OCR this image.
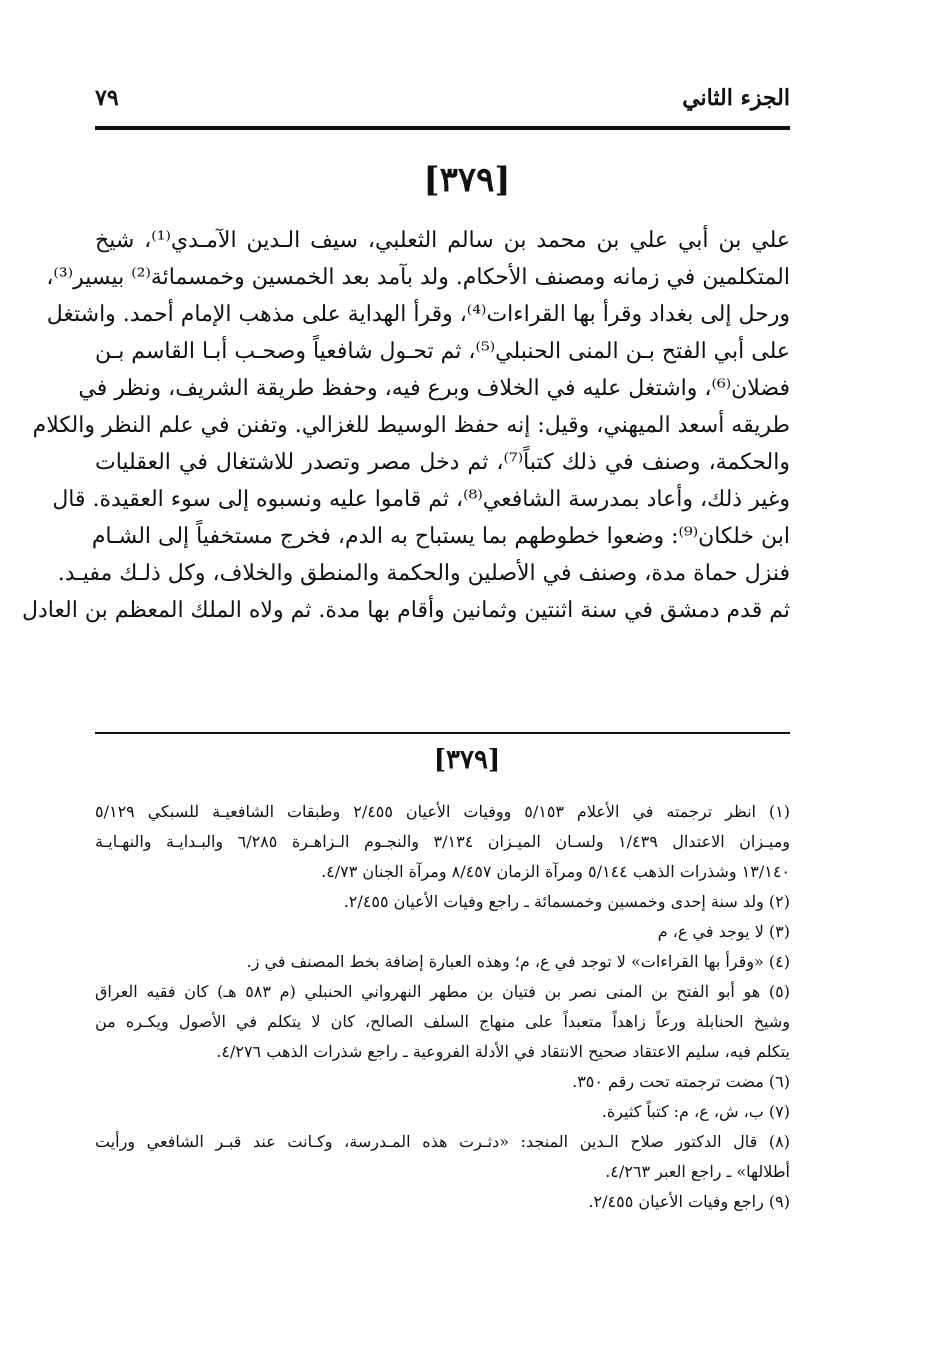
الجزء الثاني
٧٩
[٣٧٩]
علي بن أبي علي بن محمد بن سالم الثعلبي، سيف الـدين الآمـدي⁽¹⁾، شيخ
المتكلمين في زمانه ومصنف الأحكام. ولد بآمد بعد الخمسين وخمسمائة⁽²⁾ بيسير⁽³⁾،
ورحل إلى بغداد وقرأ بها القراءات⁽⁴⁾، وقرأ الهداية على مذهب الإمام أحمد. واشتغل
على أبي الفتح بـن المنى الحنبلي⁽⁵⁾، ثم تحـول شافعياً وصحـب أبـا القاسم بـن
فضلان⁽⁶⁾، واشتغل عليه في الخلاف وبرع فيه، وحفظ طريقة الشريف، ونظر في
طريقه أسعد الميهني، وقيل: إنه حفظ الوسيط للغزالي. وتفنن في علم النظر والكلام
والحكمة، وصنف في ذلك كتباً⁽⁷⁾، ثم دخل مصر وتصدر للاشتغال في العقليات
وغير ذلك، وأعاد بمدرسة الشافعي⁽⁸⁾، ثم قاموا عليه ونسبوه إلى سوء العقيدة. قال
ابن خلكان⁽⁹⁾: وضعوا خطوطهم بما يستباح به الدم، فخرج مستخفياً إلى الشـام
فنزل حماة مدة، وصنف في الأصلين والحكمة والمنطق والخلاف، وكل ذلـك مفيـد.
ثم قدم دمشق في سنة اثنتين وثمانين وأقام بها مدة. ثم ولاه الملك المعظم بن العادل
[٣٧٩]
(١) انظر ترجمته في الأعلام ٥/١٥٣ ووفيات الأعيان ٢/٤٥٥ وطبقات الشافعيـة للسبكي ٥/١٢٩
وميـزان الاعتدال ١/٤٣٩ ولسـان الميـزان ٣/١٣٤ والنجـوم الـزاهـرة ٦/٢٨٥ والبـدايـة والنهـايـة
١٣/١٤٠ وشذرات الذهب ٥/١٤٤ ومرآة الزمان ٨/٤٥٧ ومرآة الجنان ٤/٧٣.
(٢) ولد سنة إحدى وخمسين وخمسمائة ـ راجع وفيات الأعيان ٢/٤٥٥.
(٣) لا يوجد في ع، م
(٤) «وقرأ بها القراءات» لا توجد في ع، م؛ وهذه العبارة إضافة بخط المصنف في ز.
(٥) هو أبو الفتح بن المنى نصر بن فتيان بن مطهر النهرواني الحنبلي (م ٥٨٣ هـ) كان فقيه العراق
وشيخ الحنابلة ورعاً زاهداً متعبداً على منهاج السلف الصالح، كان لا يتكلم في الأصول ويكـره من
يتكلم فيه، سليم الاعتقاد صحيح الانتقاد في الأدلة الفروعية ـ راجع شذرات الذهب ٤/٢٧٦.
(٦) مضت ترجمته تحت رقم ٣٥٠.
(٧) ب، ش، ع، م: كتباً كثيرة.
(٨) قال الدكتور صلاح الـدين المنجد: «دثـرت هذه المـدرسة، وكـانت عند قبـر الشافعي ورأيت
أطلالها» ـ راجع العبر ٤/٢٦٣.
(٩) راجع وفيات الأعيان ٢/٤٥٥.
